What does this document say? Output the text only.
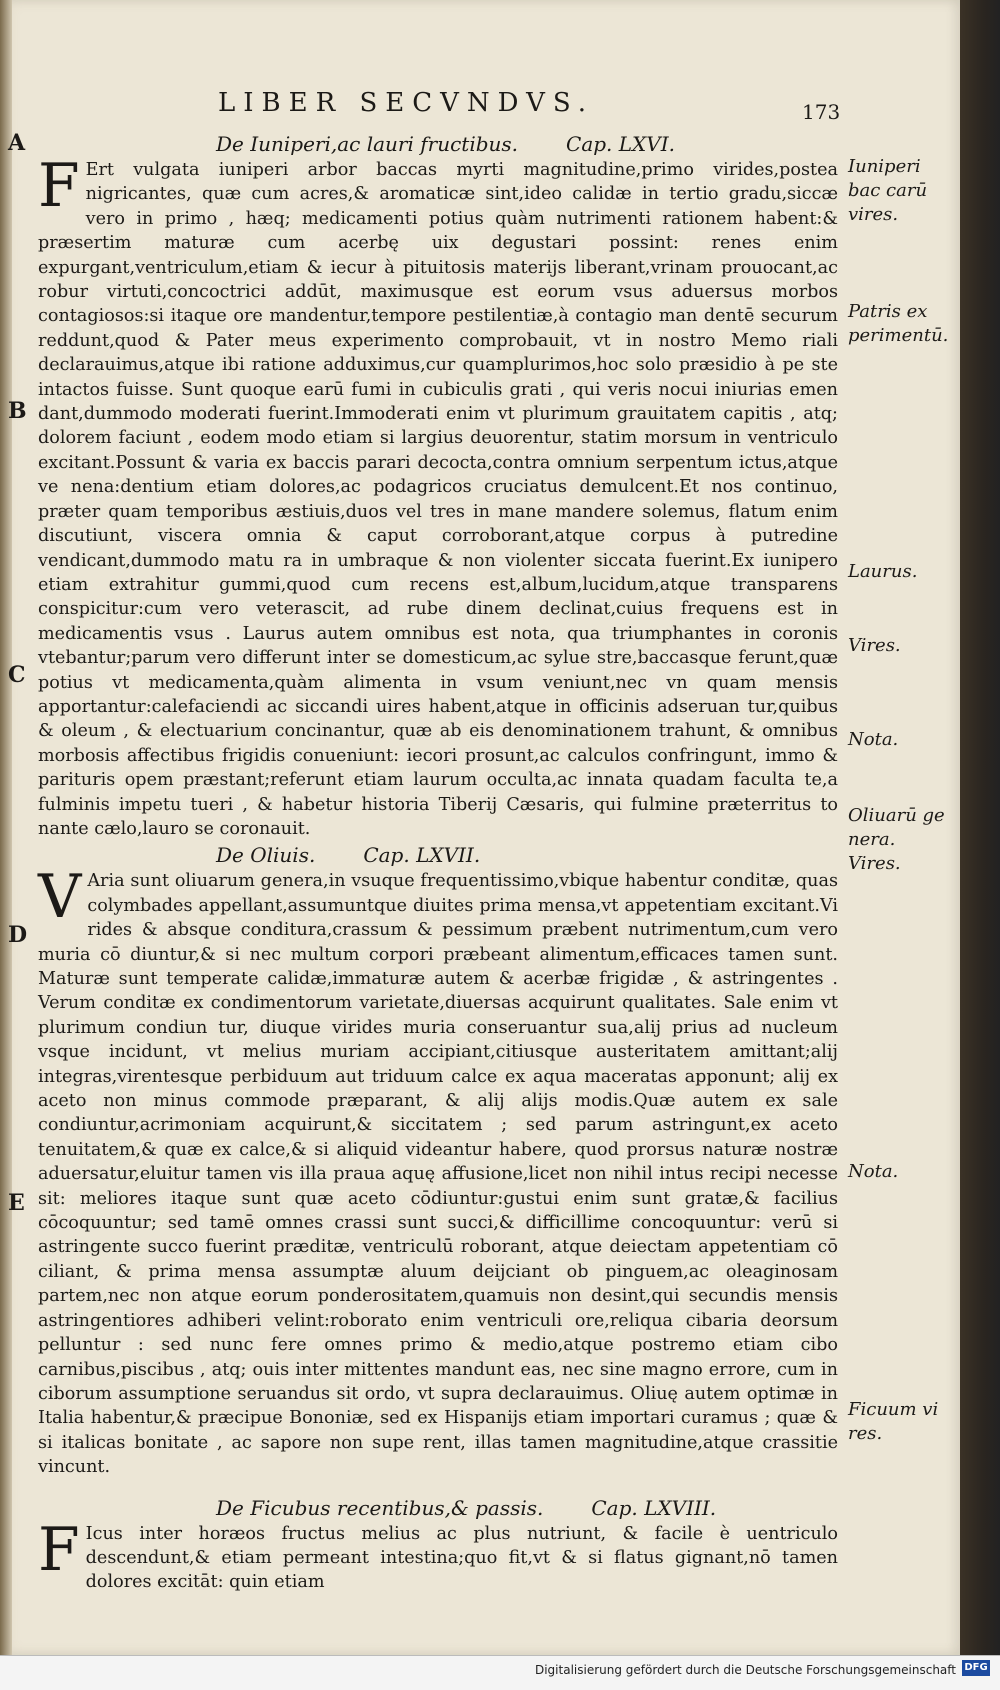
LIBER SECVNDVS.	173
A
B
C
D
E
De Iuniperi,ac lauri fructibus. Cap. LXVI.

F Ert vulgata iuniperi arbor baccas myrti magnitudine,primo virides,postea nigricantes, quæ cum acres,& aromaticæ sint,ideo calidæ in tertio gradu,siccæ vero in primo , hæq; medicamenti potius quàm nutrimenti rationem habent:& præsertim maturæ cum acerbę uix degustari possint: renes enim expurgant,ventriculum,etiam & iecur à pituitosis materijs liberant,vrinam prouocant,ac robur virtuti,concoctrici addūt, maximusque est eorum vsus aduersus morbos contagiosos:si itaque ore mandentur,tempore pestilentiæ,à contagio man dentē securum reddunt,quod & Pater meus experimento comprobauit, vt in nostro Memo riali declarauimus,atque ibi ratione adduximus,cur quamplurimos,hoc solo præsidio à pe ste intactos fuisse. Sunt quoque earū fumi in cubiculis grati , qui veris nocui iniurias emen dant,dummodo moderati fuerint.Immoderati enim vt plurimum grauitatem capitis , atq; dolorem faciunt , eodem modo etiam si largius deuorentur, statim morsum in ventriculo excitant.Possunt & varia ex baccis parari decocta,contra omnium serpentum ictus,atque ve nena:dentium etiam dolores,ac podagricos cruciatus demulcent.Et nos continuo, præter quam temporibus æstiuis,duos vel tres in mane mandere solemus, flatum enim discutiunt, viscera omnia & caput corroborant,atque corpus à putredine vendicant,dummodo matu ra in umbraque & non violenter siccata fuerint.Ex iunipero etiam extrahitur gummi,quod cum recens est,album,lucidum,atque transparens conspicitur:cum vero veterascit, ad rube dinem declinat,cuius frequens est in medicamentis vsus . Laurus autem omnibus est nota, qua triumphantes in coronis vtebantur;parum vero differunt inter se domesticum,ac sylue stre,baccasque ferunt,quæ potius vt medicamenta,quàm alimenta in vsum veniunt,nec vn quam mensis apportantur:calefaciendi ac siccandi uires habent,atque in officinis adseruan tur,quibus & oleum , & electuarium concinantur, quæ ab eis denominationem trahunt, & omnibus morbosis affectibus frigidis conueniunt: iecori prosunt,ac calculos confringunt, immo & parituris opem præstant;referunt etiam laurum occulta,ac innata quadam faculta te,a fulminis impetu tueri , & habetur historia Tiberij Cæsaris, qui fulmine præterritus to nante cælo,lauro se coronauit.

De Oliuis. Cap. LXVII.

V Aria sunt oliuarum genera,in vsuque frequentissimo,vbique habentur conditæ, quas colymbades appellant,assumuntque diuites prima mensa,vt appetentiam excitant.Vi rides & absque conditura,crassum & pessimum præbent nutrimentum,cum vero muria cō diuntur,& si nec multum corpori præbeant alimentum,efficaces tamen sunt. Maturæ sunt temperate calidæ,immaturæ autem & acerbæ frigidæ , & astringentes . Verum conditæ ex condimentorum varietate,diuersas acquirunt qualitates. Sale enim vt plurimum condiun tur, diuque virides muria conseruantur sua,alij prius ad nucleum vsque incidunt, vt melius muriam accipiant,citiusque austeritatem amittant;alij integras,virentesque perbiduum aut triduum calce ex aqua maceratas apponunt; alij ex aceto non minus commode præparant, & alij alijs modis.Quæ autem ex sale condiuntur,acrimoniam acquirunt,& siccitatem ; sed parum astringunt,ex aceto tenuitatem,& quæ ex calce,& si aliquid videantur habere, quod prorsus naturæ nostræ aduersatur,eluitur tamen vis illa praua aquę affusione,licet non nihil intus recipi necesse sit: meliores itaque sunt quæ aceto cōdiuntur:gustui enim sunt gratæ,& facilius cōcoquuntur; sed tamē omnes crassi sunt succi,& difficillime concoquuntur: verū si astringente succo fuerint præditæ, ventriculū roborant, atque deiectam appetentiam cō ciliant, & prima mensa assumptæ aluum deijciant ob pinguem,ac oleaginosam partem,nec non atque eorum ponderositatem,quamuis non desint,qui secundis mensis astringentiores adhiberi velint:roborato enim ventriculi ore,reliqua cibaria deorsum pelluntur : sed nunc fere omnes primo & medio,atque postremo etiam cibo carnibus,piscibus , atq; ouis inter mittentes mandunt eas, nec sine magno errore, cum in ciborum assumptione seruandus sit ordo, vt supra declarauimus. Oliuę autem optimæ in Italia habentur,& præcipue Bononiæ, sed ex Hispanijs etiam importari curamus ; quæ & si italicas bonitate , ac sapore non supe rent, illas tamen magnitudine,atque crassitie vincunt.

De Ficubus recentibus,& passis. Cap. LXVIII.

F Icus inter horæos fructus melius ac plus nutriunt, & facile è uentriculo descendunt,& etiam permeant intestina;quo fit,vt & si flatus gignant,nō tamen dolores excitāt: quin etiam

Iuniperi bac carū vires.
Patris ex perimentū.
Laurus.
Vires.
Nota.
Oliuarū ge nera.
Vires.
Nota.
Ficuum vi res.
Digitalisierung gefördert durch die Deutsche Forschungsgemeinschaft DFG
